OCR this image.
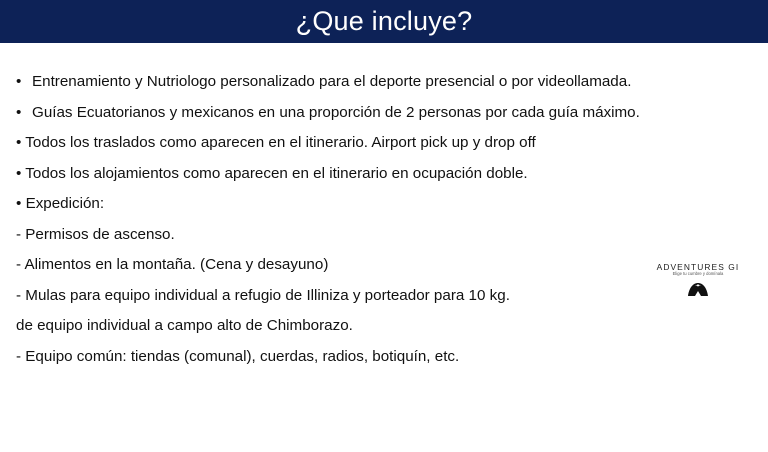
¿Que incluye?
• Entrenamiento y Nutriologo personalizado para el deporte presencial o por videollamada.
• Guías Ecuatorianos y mexicanos en una proporción de 2 personas por cada guía máximo.
• Todos los traslados como aparecen en el itinerario. Airport pick up y drop off
• Todos los alojamientos como aparecen en el itinerario en ocupación doble.
• Expedición:
- Permisos de ascenso.
- Alimentos en la montaña. (Cena y desayuno)
- Mulas para equipo individual a refugio de Illiniza y porteador para 10 kg.
de equipo individual a campo alto de Chimborazo.
- Equipo común: tiendas (comunal), cuerdas, radios, botiquín, etc.
ADVENTURES GI
Elige tu cumbre y domínala
